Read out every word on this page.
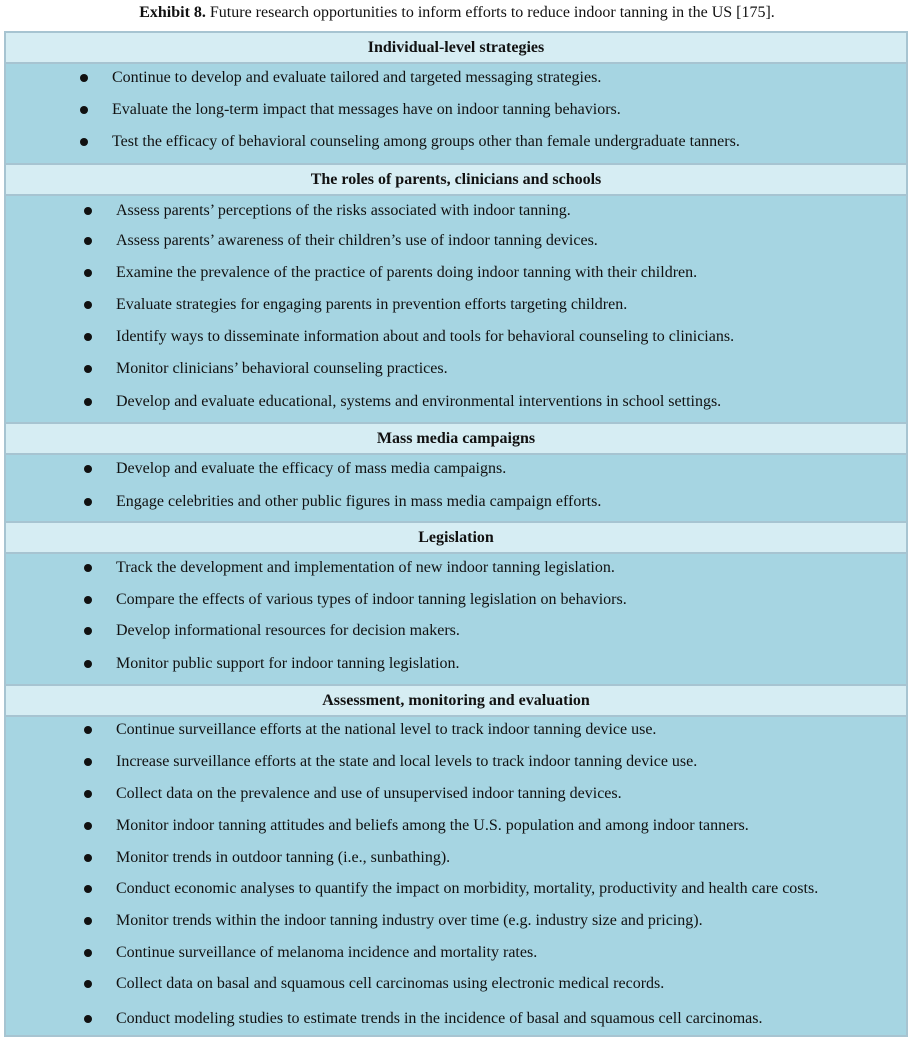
Exhibit 8. Future research opportunities to inform efforts to reduce indoor tanning in the US [175].
Individual-level strategies
Continue to develop and evaluate tailored and targeted messaging strategies.
Evaluate the long-term impact that messages have on indoor tanning behaviors.
Test the efficacy of behavioral counseling among groups other than female undergraduate tanners.
The roles of parents, clinicians and schools
Assess parents’ perceptions of the risks associated with indoor tanning.
Assess parents’ awareness of their children’s use of indoor tanning devices.
Examine the prevalence of the practice of parents doing indoor tanning with their children.
Evaluate strategies for engaging parents in prevention efforts targeting children.
Identify ways to disseminate information about and tools for behavioral counseling to clinicians.
Monitor clinicians’ behavioral counseling practices.
Develop and evaluate educational, systems and environmental interventions in school settings.
Mass media campaigns
Develop and evaluate the efficacy of mass media campaigns.
Engage celebrities and other public figures in mass media campaign efforts.
Legislation
Track the development and implementation of new indoor tanning legislation.
Compare the effects of various types of indoor tanning legislation on behaviors.
Develop informational resources for decision makers.
Monitor public support for indoor tanning legislation.
Assessment, monitoring and evaluation
Continue surveillance efforts at the national level to track indoor tanning device use.
Increase surveillance efforts at the state and local levels to track indoor tanning device use.
Collect data on the prevalence and use of unsupervised indoor tanning devices.
Monitor indoor tanning attitudes and beliefs among the U.S. population and among indoor tanners.
Monitor trends in outdoor tanning (i.e., sunbathing).
Conduct economic analyses to quantify the impact on morbidity, mortality, productivity and health care costs.
Monitor trends within the indoor tanning industry over time (e.g. industry size and pricing).
Continue surveillance of melanoma incidence and mortality rates.
Collect data on basal and squamous cell carcinomas using electronic medical records.
Conduct modeling studies to estimate trends in the incidence of basal and squamous cell carcinomas.
